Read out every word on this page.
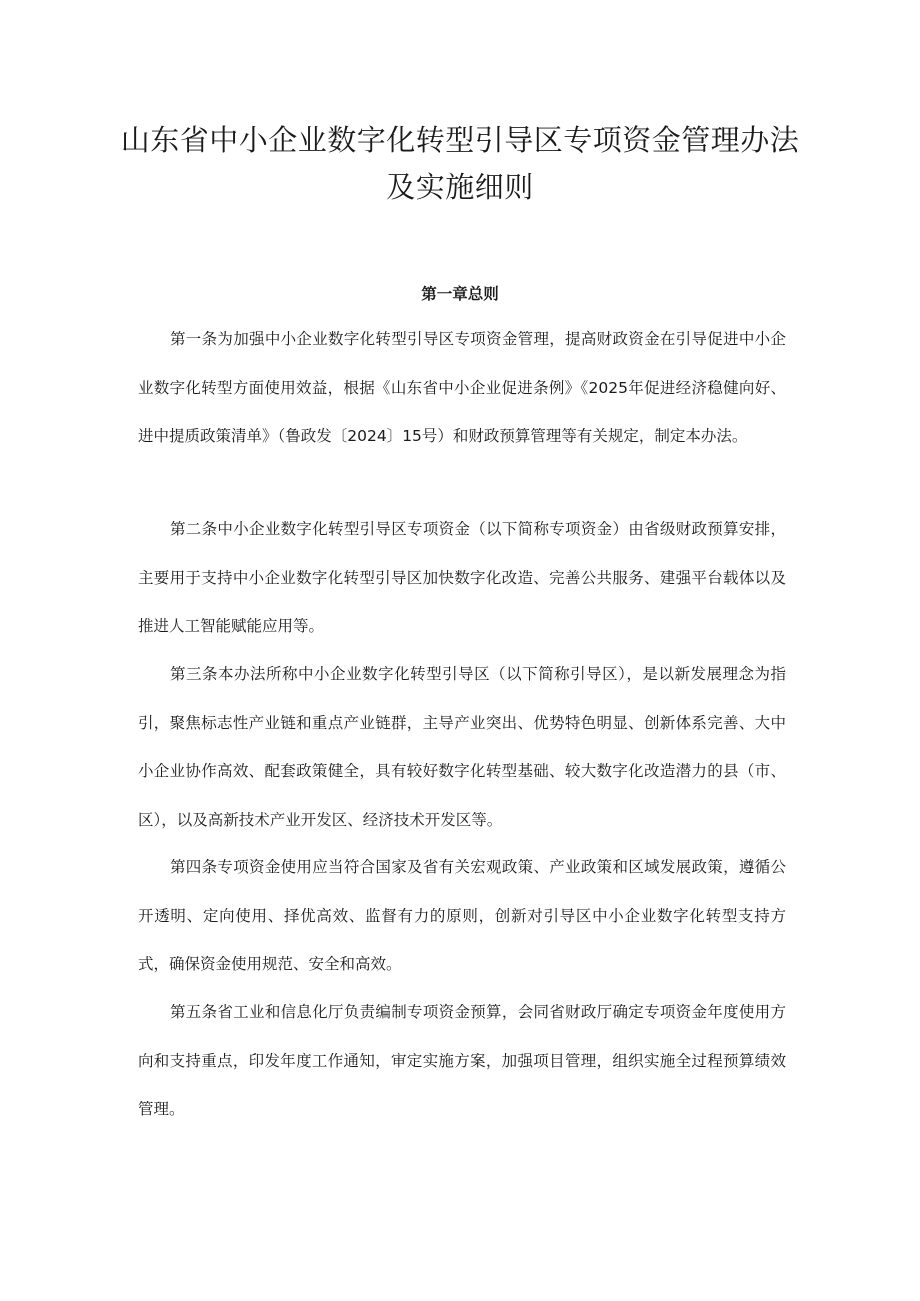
山东省中小企业数字化转型引导区专项资金管理办法
及实施细则
第一章总则

第一条为加强中小企业数字化转型引导区专项资金管理，提高财政资金在引导促进中小企业数字化转型方面使用效益，根据《山东省中小企业促进条例》《2025年促进经济稳健向好、进中提质政策清单》（鲁政发〔2024〕15号）和财政预算管理等有关规定，制定本办法。

第二条中小企业数字化转型引导区专项资金（以下简称专项资金）由省级财政预算安排，主要用于支持中小企业数字化转型引导区加快数字化改造、完善公共服务、建强平台载体以及推进人工智能赋能应用等。

第三条本办法所称中小企业数字化转型引导区（以下简称引导区），是以新发展理念为指引，聚焦标志性产业链和重点产业链群，主导产业突出、优势特色明显、创新体系完善、大中小企业协作高效、配套政策健全，具有较好数字化转型基础、较大数字化改造潜力的县（市、区），以及高新技术产业开发区、经济技术开发区等。

第四条专项资金使用应当符合国家及省有关宏观政策、产业政策和区域发展政策，遵循公开透明、定向使用、择优高效、监督有力的原则，创新对引导区中小企业数字化转型支持方式，确保资金使用规范、安全和高效。

第五条省工业和信息化厅负责编制专项资金预算，会同省财政厅确定专项资金年度使用方向和支持重点，印发年度工作通知，审定实施方案，加强项目管理，组织实施全过程预算绩效管理。
